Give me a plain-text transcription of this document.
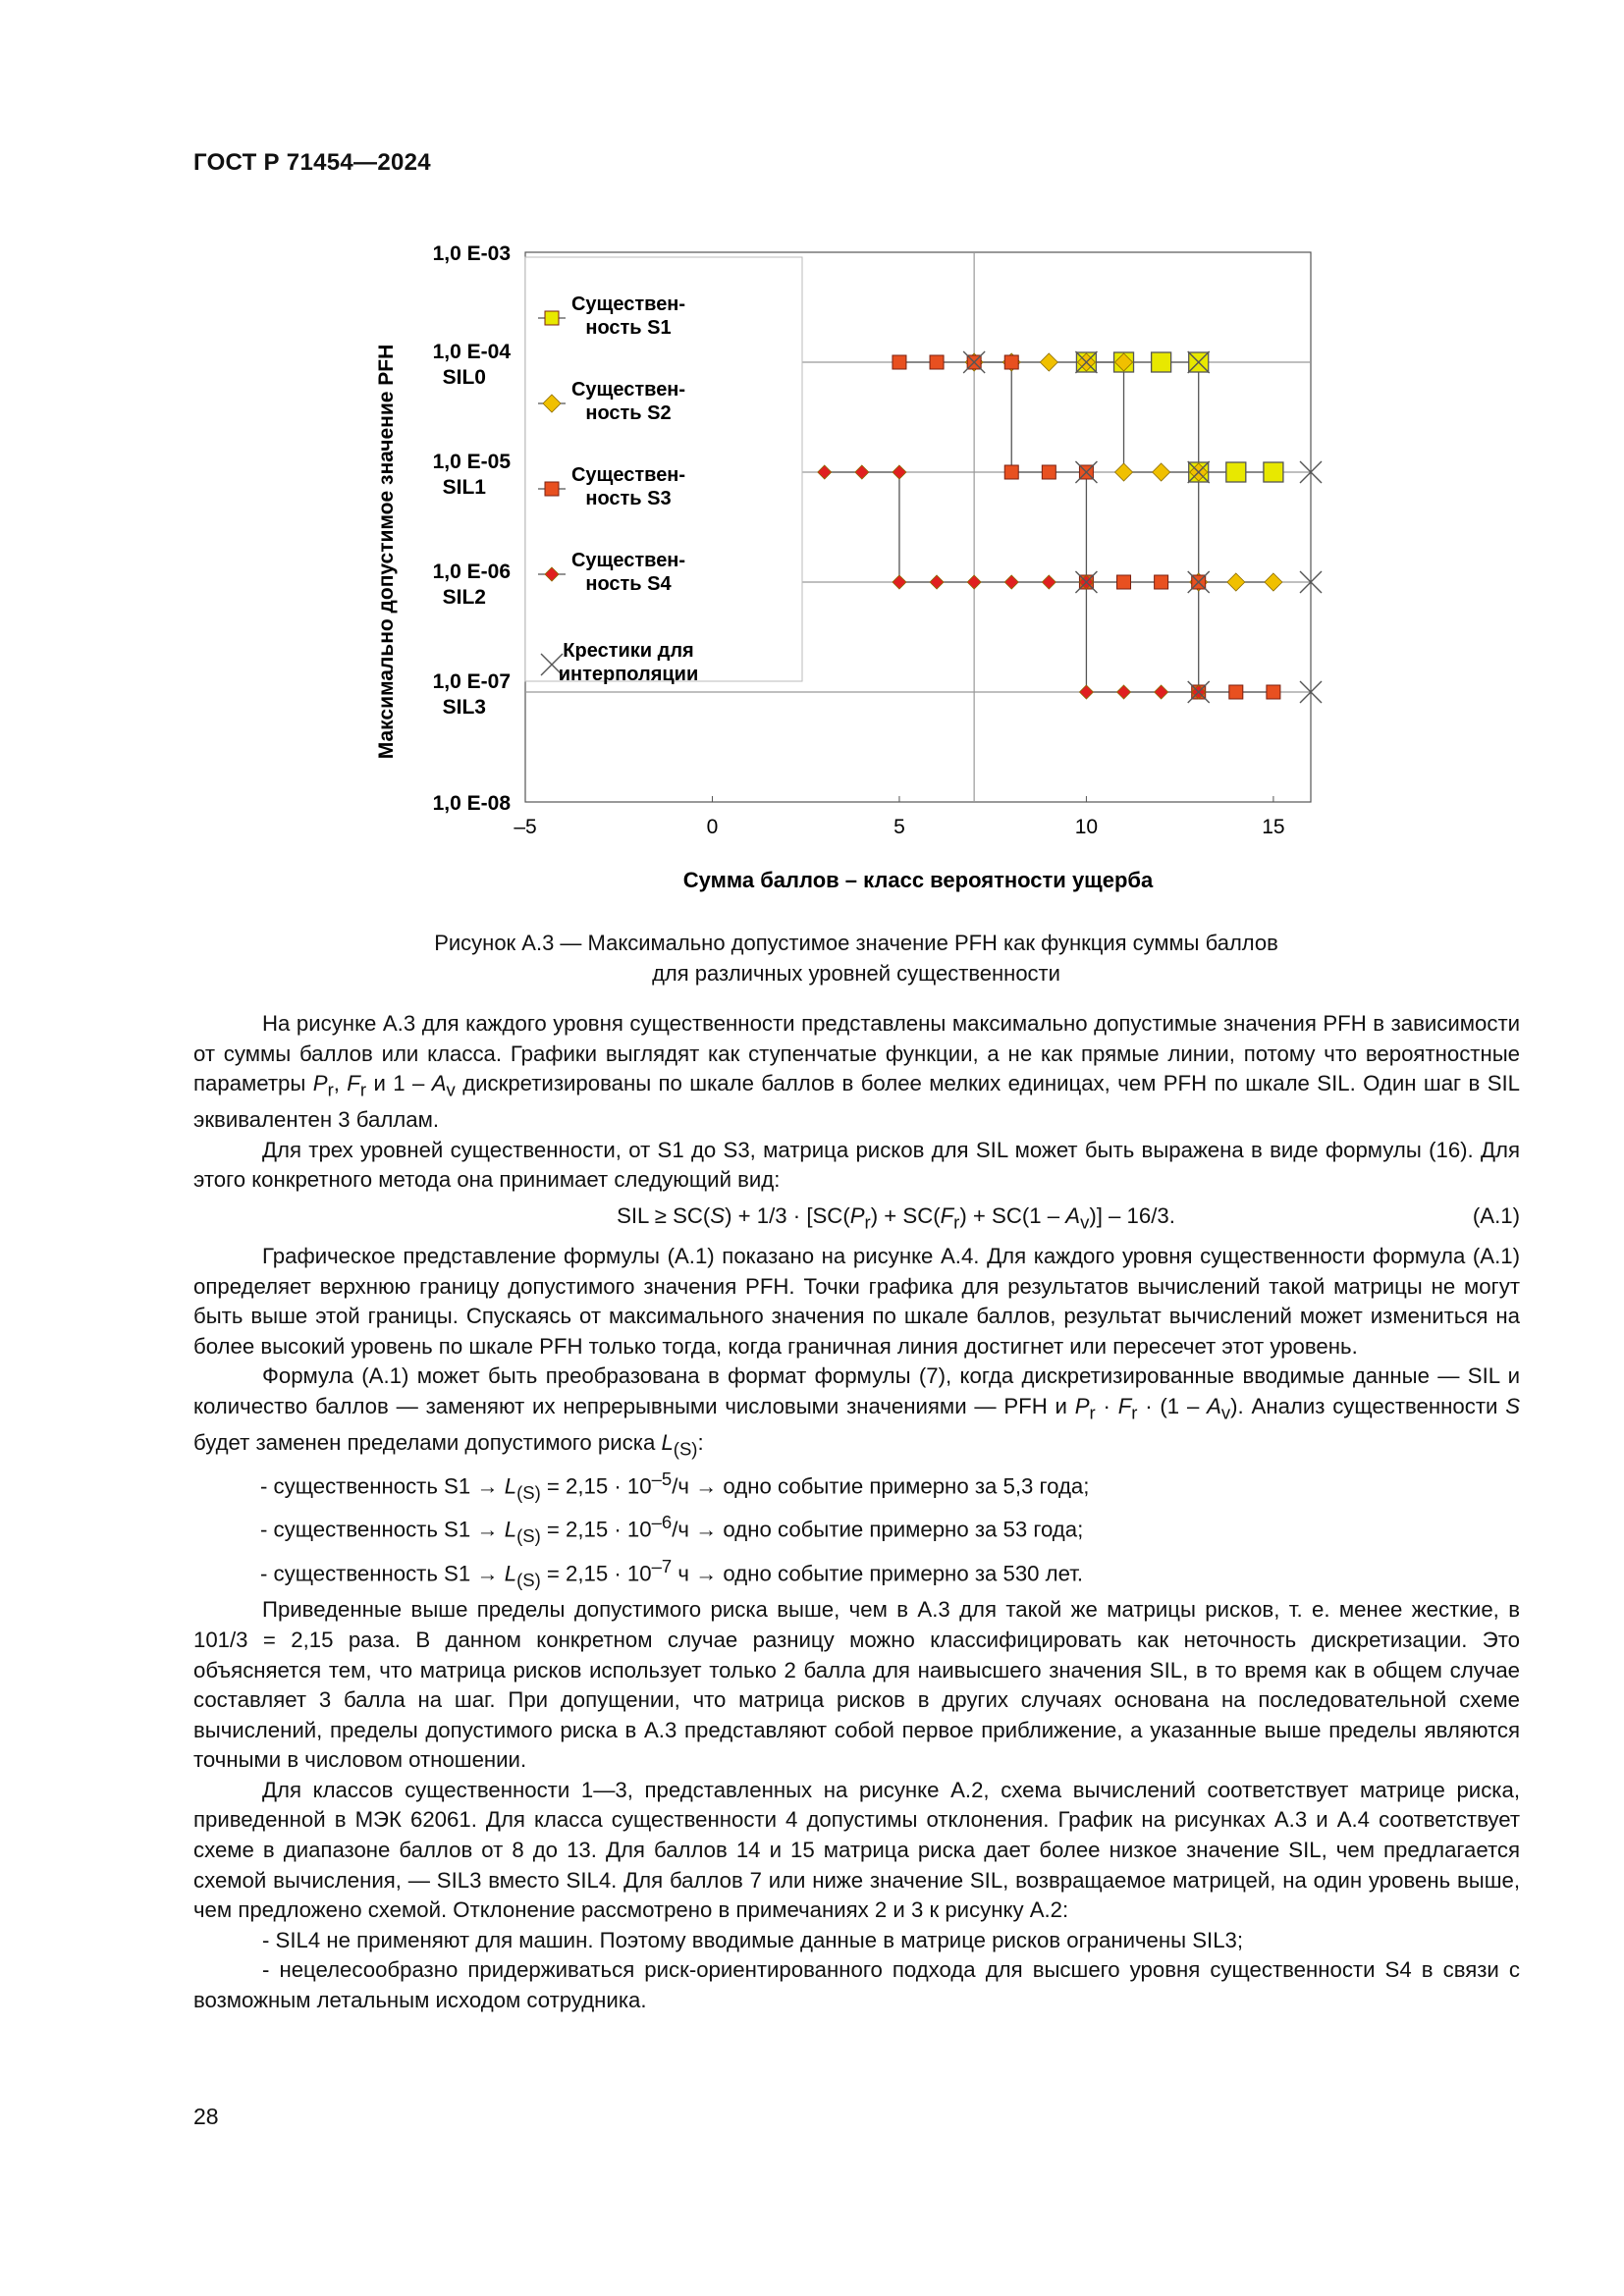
ГОСТ Р 71454—2024
1,0 E-03
1,0 E-04
SIL0
1,0 E-05
SIL1
1,0 E-06
SIL2
1,0 E-07
SIL3
1,0 E-08
–5	0	5	10	15
Существен-
ность S1
Существен-
ность S2
Существен-
ность S3
Существен-
ность S4
Крестики для
интерполяции
Сумма баллов – класс вероятности ущерба
Максимально допустимое значение PFH
Рисунок А.3 — Максимально допустимое значение PFH как функция суммы баллов
для различных уровней существенности

На рисунке А.3 для каждого уровня существенности представлены максимально допустимые значения PFH в зависимости от суммы баллов или класса. Графики выглядят как ступенчатые функции, а не как прямые линии, потому что вероятностные параметры $P_r$, $F_r$ и $1 - A_v$ дискретизированы по шкале баллов в более мелких единицах, чем PFH по шкале SIL. Один шаг в SIL эквивалентен 3 баллам.

Для трех уровней существенности, от S1 до S3, матрица рисков для SIL может быть выражена в виде формулы (16). Для этого конкретного метода она принимает следующий вид:

SIL ≥ $SC(S) + 1/3 \cdot [SC(P_r) + SC(F_r) + SC(1 - A_v)] - 16/3$.	(А.1)

Графическое представление формулы (А.1) показано на рисунке А.4. Для каждого уровня существенности формула (А.1) определяет верхнюю границу допустимого значения PFH. Точки графика для результатов вычислений такой матрицы не могут быть выше этой границы. Спускаясь от максимального значения по шкале баллов, результат вычислений может измениться на более высокий уровень по шкале PFH только тогда, когда граничная линия достигнет или пересечет этот уровень.

Формула (А.1) может быть преобразована в формат формулы (7), когда дискретизированные вводимые данные — SIL и количество баллов — заменяют их непрерывными числовыми значениями — PFH и $P_r \cdot F_r \cdot (1 - A_v)$. Анализ существенности S будет заменен пределами допустимого риска $L_{(S)}$:

- существенность $S1 \to L_{(S)} = 2,15 \cdot 10^{-5}/ч$ → одно событие примерно за 5,3 года;
- существенность $S1 \to L_{(S)} = 2,15 \cdot 10^{-6}/ч$ → одно событие примерно за 53 года;
- существенность $S1 \to L_{(S)} = 2,15 \cdot 10^{-7}$ ч → одно событие примерно за 530 лет.

Приведенные выше пределы допустимого риска выше, чем в А.3 для такой же матрицы рисков, т. е. менее жесткие, в 101/3 = 2,15 раза. В данном конкретном случае разницу можно классифицировать как неточность дискретизации. Это объясняется тем, что матрица рисков использует только 2 балла для наивысшего значения SIL, в то время как в общем случае составляет 3 балла на шаг. При допущении, что матрица рисков в других случаях основана на последовательной схеме вычислений, пределы допустимого риска в А.3 представляют собой первое приближение, а указанные выше пределы являются точными в числовом отношении.

Для классов существенности 1—3, представленных на рисунке А.2, схема вычислений соответствует матрице риска, приведенной в МЭК 62061. Для класса существенности 4 допустимы отклонения. График на рисунках А.3 и А.4 соответствует схеме в диапазоне баллов от 8 до 13. Для баллов 14 и 15 матрица риска дает более низкое значение SIL, чем предлагается схемой вычисления, — SIL3 вместо SIL4. Для баллов 7 или ниже значение SIL, возвращаемое матрицей, на один уровень выше, чем предложено схемой. Отклонение рассмотрено в примечаниях 2 и 3 к рисунку А.2:

- SIL4 не применяют для машин. Поэтому вводимые данные в матрице рисков ограничены SIL3;

- нецелесообразно придерживаться риск-ориентированного подхода для высшего уровня существенности S4 в связи с возможным летальным исходом сотрудника.

28
